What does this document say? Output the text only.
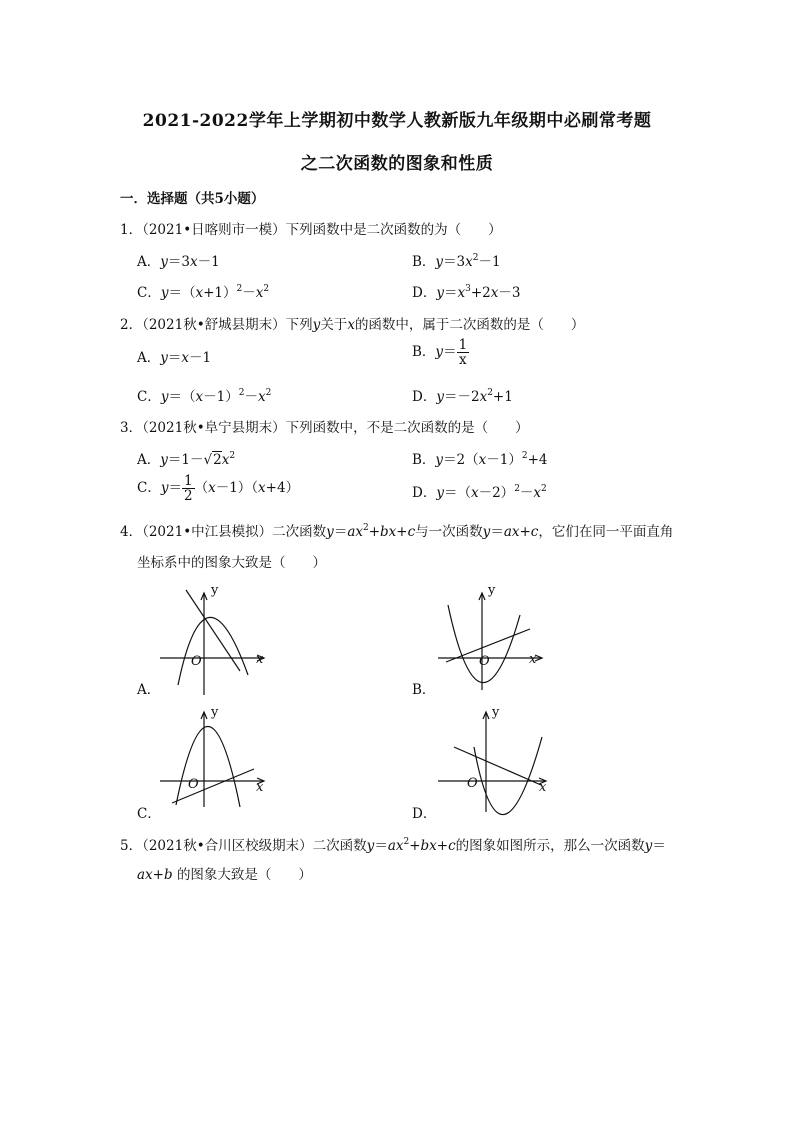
2021-2022学年上学期初中数学人教新版九年级期中必刷常考题
之二次函数的图象和性质
一．选择题（共5小题）
1．（2021•日喀则市一模）下列函数中是二次函数的为（　　）
A．y＝3x－1	B．$y=3x^2-1$
C．$y=(x+1)^2-x^2$	D．$y=x^3+2x-3$
2．（2021秋•舒城县期末）下列y关于x的函数中，属于二次函数的是（　　）
A．y＝x－1	B．$y= \frac{1}{x}$
C．$y=(x-1)^2-x^2$	D．$y=-2x^2+1$
3．（2021秋•阜宁县期末）下列函数中，不是二次函数的是（　　）
A．$y=1-√2x^2$	B．$y=2(x-1)^2+4$
C．$y= \frac{1}{2} (x-1)(x+4)$	D．$y=(x-2)^2-x^2$
4．（2021•中江县模拟）二次函数$y=ax^2+bx+c$与一次函数y＝ax+c，它们在同一平面直角
坐标系中的图象大致是（　　）
y
x
O
A．
y
x
O
B．
y
x
O
C．
y
x
O
D．
5．（2021秋•合川区校级期末）二次函数$y=ax^2+bx+c$的图象如图所示，那么一次函数y＝
ax+b 的图象大致是（　　）
